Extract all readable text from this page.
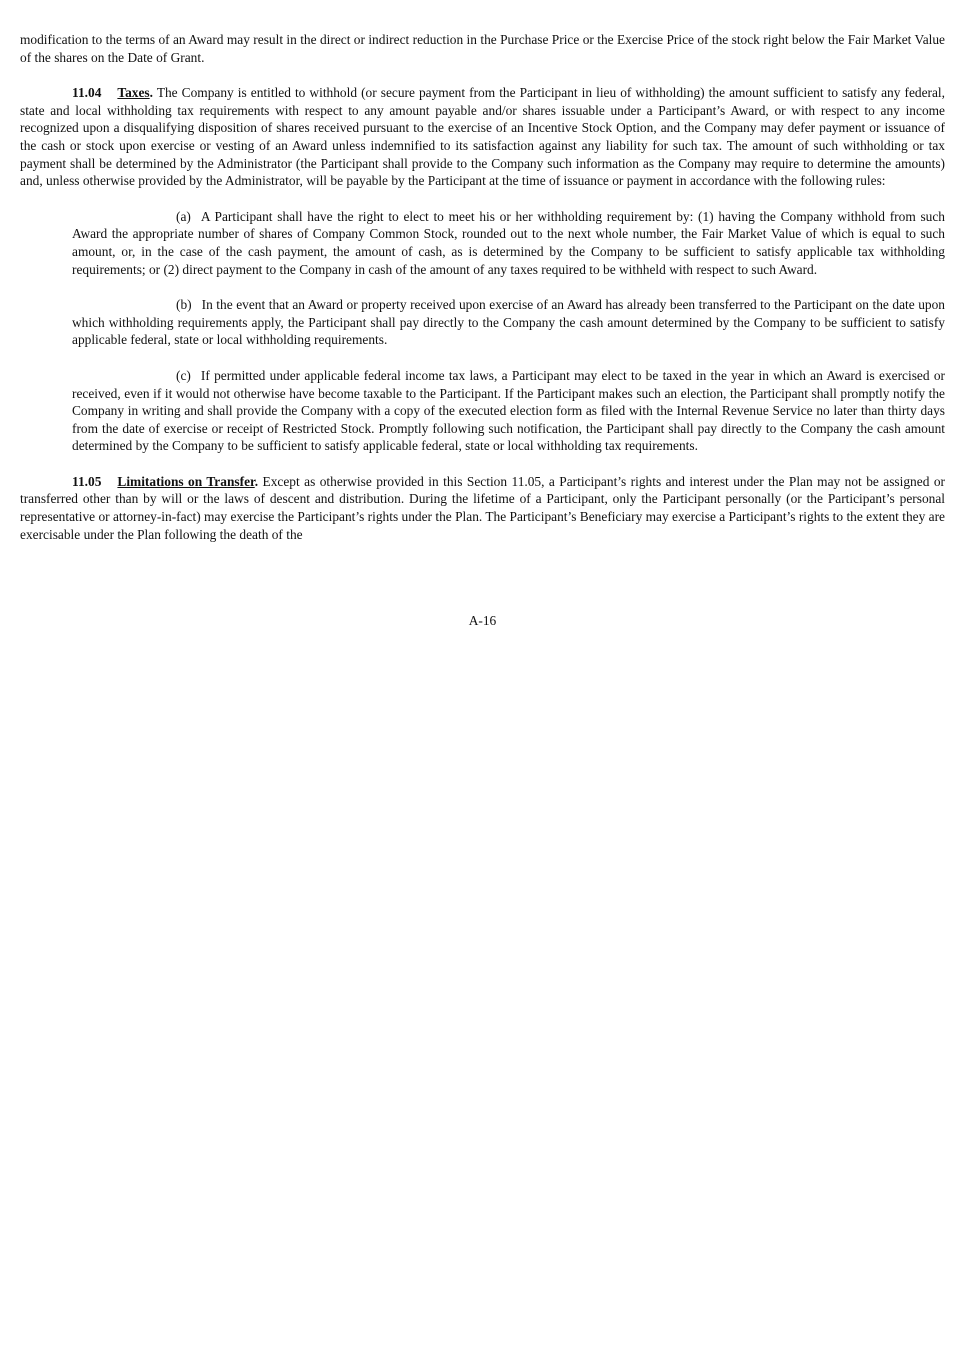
modification to the terms of an Award may result in the direct or indirect reduction in the Purchase Price or the Exercise Price of the stock right below the Fair Market Value of the shares on the Date of Grant.

11.04 Taxes. The Company is entitled to withhold (or secure payment from the Participant in lieu of withholding) the amount sufficient to satisfy any federal, state and local withholding tax requirements with respect to any amount payable and/or shares issuable under a Participant’s Award, or with respect to any income recognized upon a disqualifying disposition of shares received pursuant to the exercise of an Incentive Stock Option, and the Company may defer payment or issuance of the cash or stock upon exercise or vesting of an Award unless indemnified to its satisfaction against any liability for such tax. The amount of such withholding or tax payment shall be determined by the Administrator (the Participant shall provide to the Company such information as the Company may require to determine the amounts) and, unless otherwise provided by the Administrator, will be payable by the Participant at the time of issuance or payment in accordance with the following rules:

(a) A Participant shall have the right to elect to meet his or her withholding requirement by: (1) having the Company withhold from such Award the appropriate number of shares of Company Common Stock, rounded out to the next whole number, the Fair Market Value of which is equal to such amount, or, in the case of the cash payment, the amount of cash, as is determined by the Company to be sufficient to satisfy applicable tax withholding requirements; or (2) direct payment to the Company in cash of the amount of any taxes required to be withheld with respect to such Award.

(b) In the event that an Award or property received upon exercise of an Award has already been transferred to the Participant on the date upon which withholding requirements apply, the Participant shall pay directly to the Company the cash amount determined by the Company to be sufficient to satisfy applicable federal, state or local withholding requirements.

(c) If permitted under applicable federal income tax laws, a Participant may elect to be taxed in the year in which an Award is exercised or received, even if it would not otherwise have become taxable to the Participant. If the Participant makes such an election, the Participant shall promptly notify the Company in writing and shall provide the Company with a copy of the executed election form as filed with the Internal Revenue Service no later than thirty days from the date of exercise or receipt of Restricted Stock. Promptly following such notification, the Participant shall pay directly to the Company the cash amount determined by the Company to be sufficient to satisfy applicable federal, state or local withholding tax requirements.

11.05 Limitations on Transfer. Except as otherwise provided in this Section 11.05, a Participant’s rights and interest under the Plan may not be assigned or transferred other than by will or the laws of descent and distribution. During the lifetime of a Participant, only the Participant personally (or the Participant’s personal representative or attorney-in-fact) may exercise the Participant’s rights under the Plan. The Participant’s Beneficiary may exercise a Participant’s rights to the extent they are exercisable under the Plan following the death of the

A-16
